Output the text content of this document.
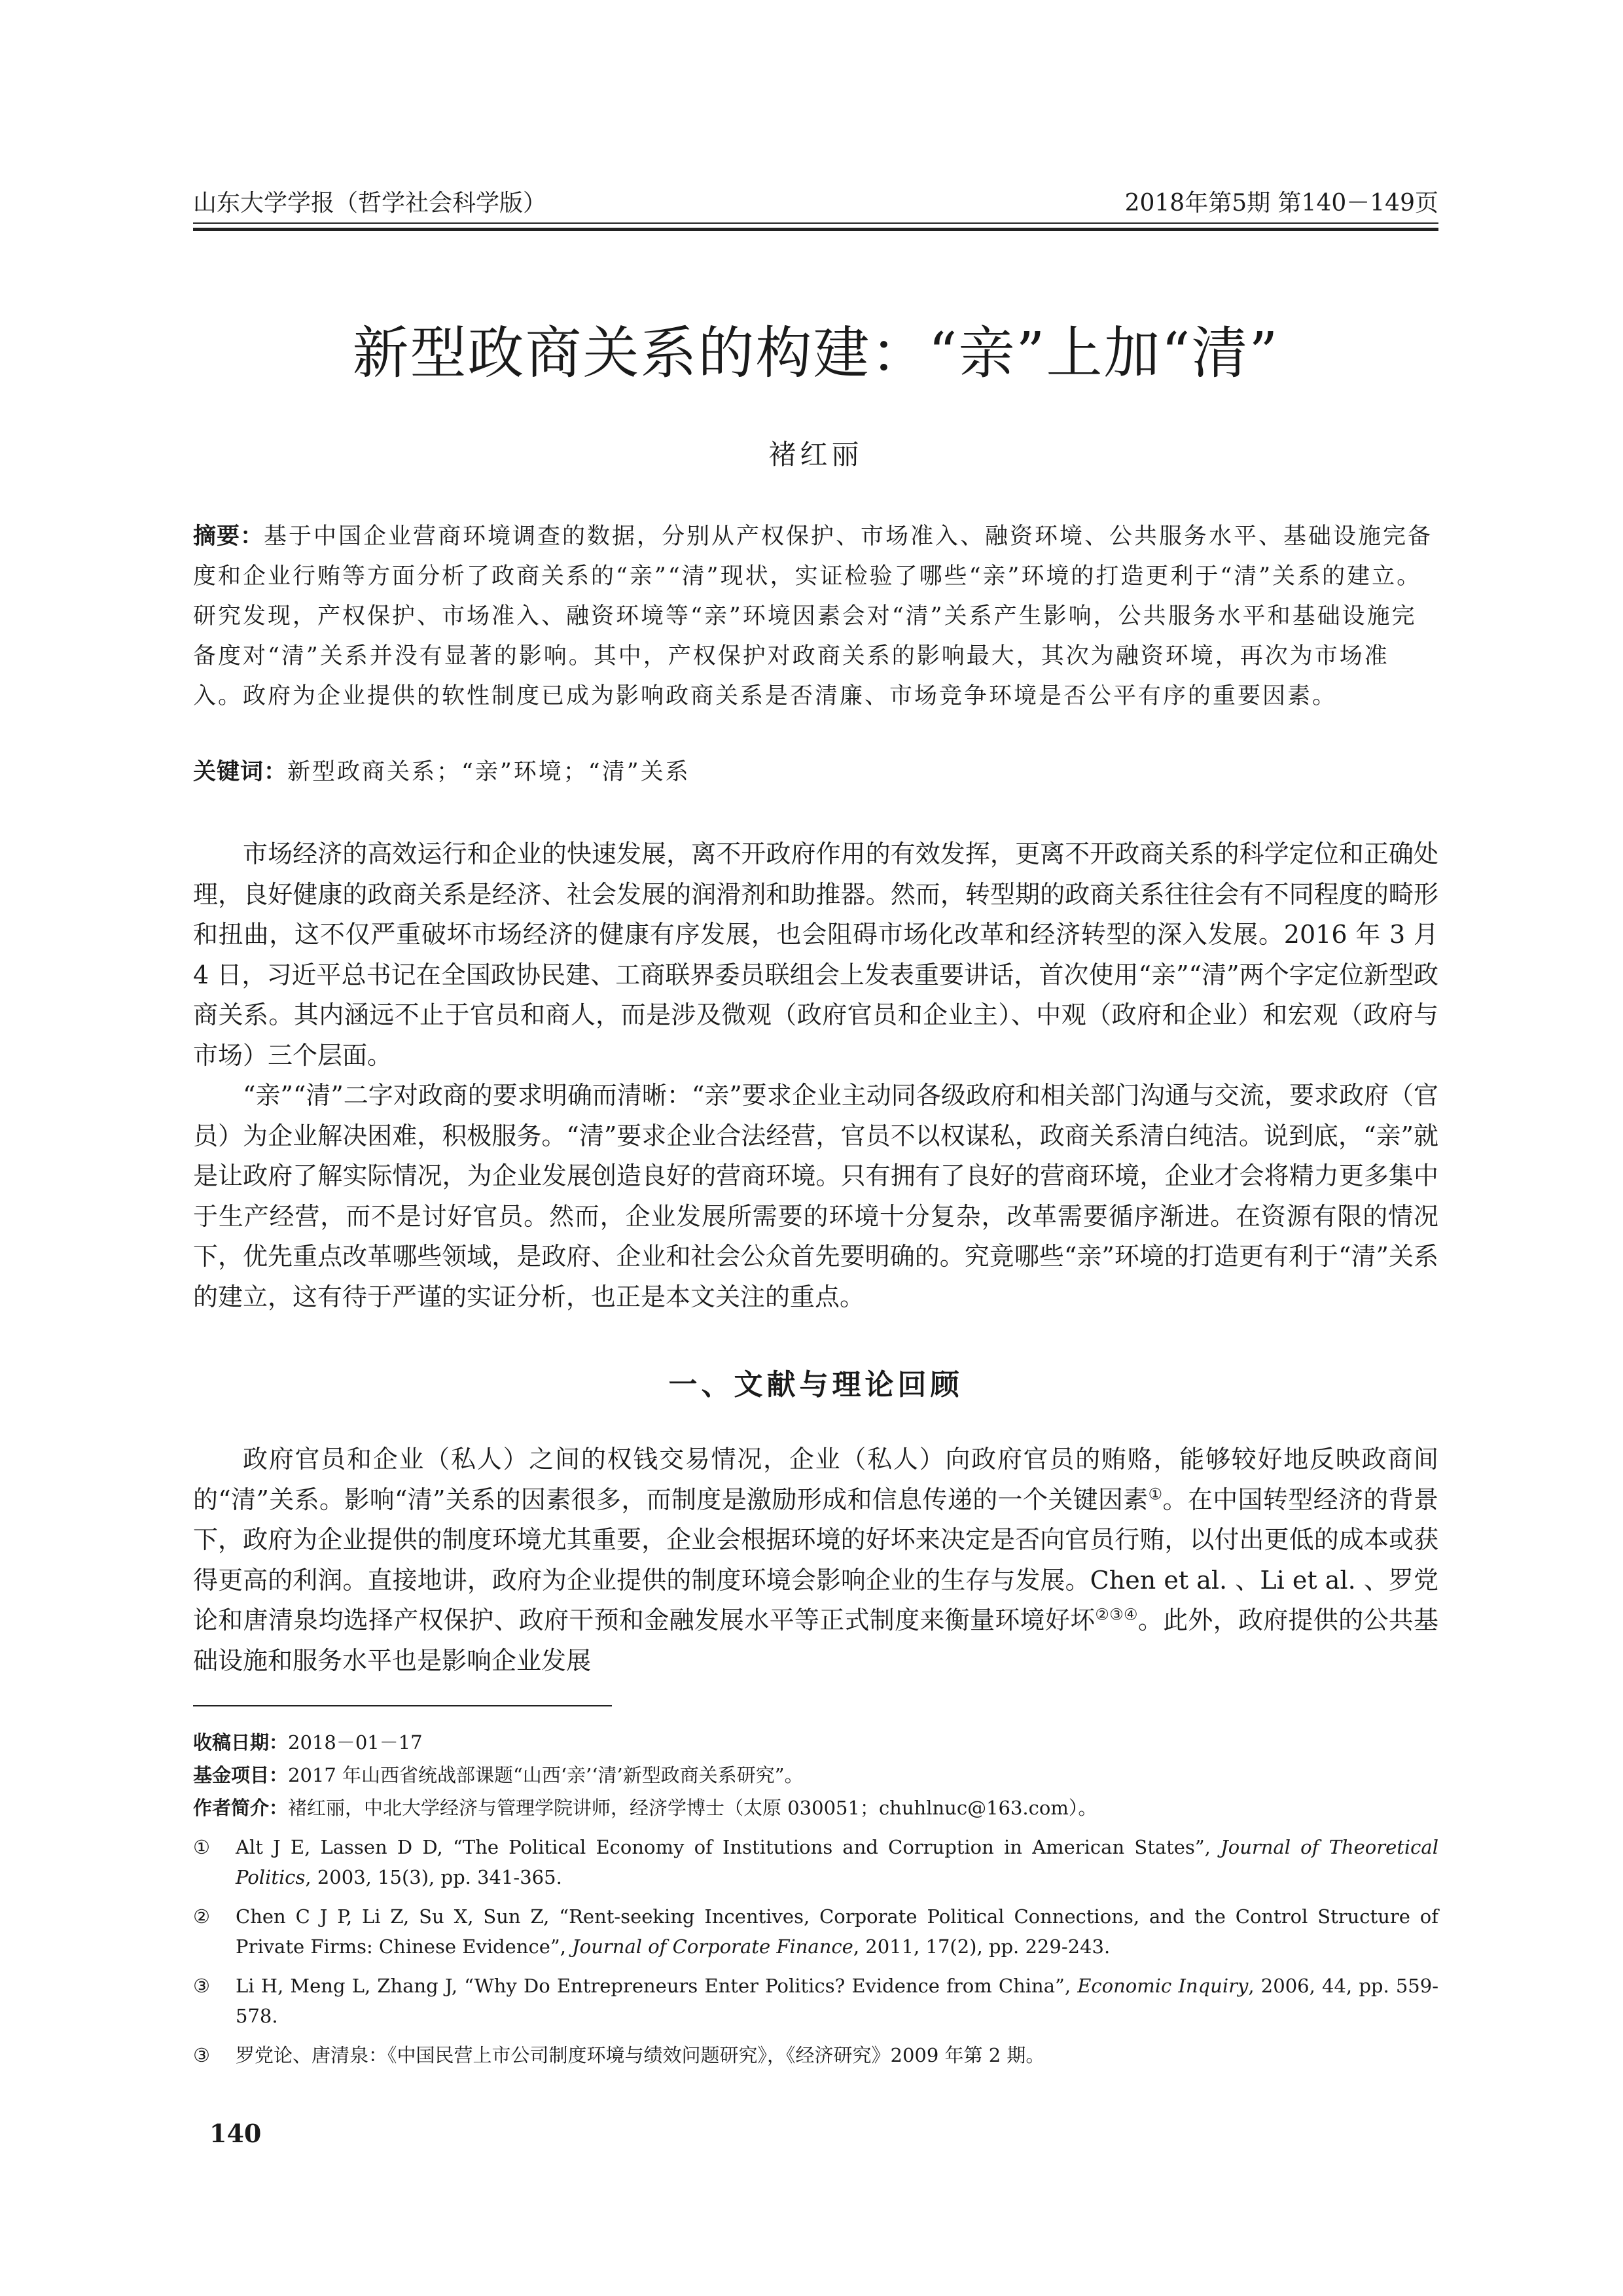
山东大学学报（哲学社会科学版）	2018年第5期 第140－149页
新型政商关系的构建：“亲”上加“清”
褚红丽
摘要：基于中国企业营商环境调查的数据，分别从产权保护、市场准入、融资环境、公共服务水平、基础设施完备度和企业行贿等方面分析了政商关系的“亲”“清”现状，实证检验了哪些“亲”环境的打造更利于“清”关系的建立。研究发现，产权保护、市场准入、融资环境等“亲”环境因素会对“清”关系产生影响，公共服务水平和基础设施完备度对“清”关系并没有显著的影响。其中，产权保护对政商关系的影响最大，其次为融资环境，再次为市场准入。政府为企业提供的软性制度已成为影响政商关系是否清廉、市场竞争环境是否公平有序的重要因素。
关键词：新型政商关系；“亲”环境；“清”关系

市场经济的高效运行和企业的快速发展，离不开政府作用的有效发挥，更离不开政商关系的科学定位和正确处理，良好健康的政商关系是经济、社会发展的润滑剂和助推器。然而，转型期的政商关系往往会有不同程度的畸形和扭曲，这不仅严重破坏市场经济的健康有序发展，也会阻碍市场化改革和经济转型的深入发展。2016 年 3 月 4 日，习近平总书记在全国政协民建、工商联界委员联组会上发表重要讲话，首次使用“亲”“清”两个字定位新型政商关系。其内涵远不止于官员和商人，而是涉及微观（政府官员和企业主）、中观（政府和企业）和宏观（政府与市场）三个层面。

“亲”“清”二字对政商的要求明确而清晰：“亲”要求企业主动同各级政府和相关部门沟通与交流，要求政府（官员）为企业解决困难，积极服务。“清”要求企业合法经营，官员不以权谋私，政商关系清白纯洁。说到底，“亲”就是让政府了解实际情况，为企业发展创造良好的营商环境。只有拥有了良好的营商环境，企业才会将精力更多集中于生产经营，而不是讨好官员。然而，企业发展所需要的环境十分复杂，改革需要循序渐进。在资源有限的情况下，优先重点改革哪些领域，是政府、企业和社会公众首先要明确的。究竟哪些“亲”环境的打造更有利于“清”关系的建立，这有待于严谨的实证分析，也正是本文关注的重点。

一、文献与理论回顾

政府官员和企业（私人）之间的权钱交易情况，企业（私人）向政府官员的贿赂，能够较好地反映政商间的“清”关系。影响“清”关系的因素很多，而制度是激励形成和信息传递的一个关键因素①。在中国转型经济的背景下，政府为企业提供的制度环境尤其重要，企业会根据环境的好坏来决定是否向官员行贿，以付出更低的成本或获得更高的利润。直接地讲，政府为企业提供的制度环境会影响企业的生存与发展。Chen et al. 、Li et al. 、罗党论和唐清泉均选择产权保护、政府干预和金融发展水平等正式制度来衡量环境好坏②③④。此外，政府提供的公共基础设施和服务水平也是影响企业发展

收稿日期：2018－01－17
基金项目：2017 年山西省统战部课题“山西‘亲’‘清’新型政商关系研究”。
作者简介：褚红丽，中北大学经济与管理学院讲师，经济学博士（太原 030051；chuhlnuc@163.com）。
①	Alt J E, Lassen D D, “The Political Economy of Institutions and Corruption in American States”, Journal of Theoretical Politics, 2003, 15(3), pp. 341-365.
②	Chen C J P, Li Z, Su X, Sun Z, “Rent-seeking Incentives, Corporate Political Connections, and the Control Structure of Private Firms: Chinese Evidence”, Journal of Corporate Finance, 2011, 17(2), pp. 229-243.
③	Li H, Meng L, Zhang J, “Why Do Entrepreneurs Enter Politics? Evidence from China”, Economic Inquiry, 2006, 44, pp. 559-578.
③	罗党论、唐清泉：《中国民营上市公司制度环境与绩效问题研究》，《经济研究》2009 年第 2 期。
140
